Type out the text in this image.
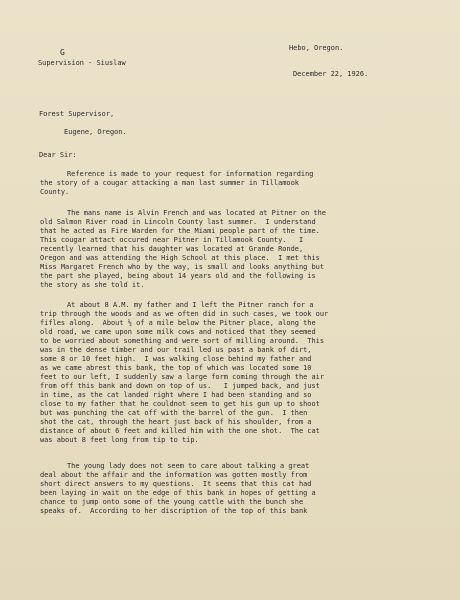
G
Supervision - Siuslaw
Hebo, Oregon.
December 22, 1926.
Forest Supervisor,
Eugene, Oregon.
Dear Sir:
Reference is made to your request for information regarding
the story of a cougar attacking a man last summer in Tillamook
County.
The mans name is Alvin French and was located at Pitner on the
old Salmon River road in Lincoln County last summer.  I understand
that he acted as Fire Warden for the Miami people part of the time.
This cougar attact occured near Pitner in Tillamook County.   I
recently learned that his daughter was located at Grande Ronde,
Oregon and was attending the High School at this place.  I met this
Miss Margaret French who by the way, is small and looks anything but
the part she played, being about 14 years old and the following is
the story as she told it.
At about 8 A.M. my father and I left the Pitner ranch for a
trip through the woods and as we often did in such cases, we took our
fifles along.  About ½ of a mile below the Pitner place, along the
old road, we came upon some milk cows and noticed that they seemed
to be worried about something and were sort of milling around.  This
was in the dense timber and our trail led us past a bank of dirt,
some 8 or 10 feet high.  I was walking close behind my father and
as we came abrest this bank, the top of which was located some 10
feet to our left, I suddenly saw a large form coming through the air
from off this bank and down on top of us.   I jumped back, and just
in time, as the cat landed right where I had been standing and so
close to my father that he couldnot seem to get his gun up to shoot
but was punching the cat off with the barrel of the gun.  I then
shot the cat, through the heart just back of his shoulder, from a
distance of about 6 feet and killed him with the one shot.  The cat
was about 8 feet long from tip to tip.
The young lady does not seem to care about talking a great
deal about the affair and the information was gotten mostly from
short direct answers to my questions.  It seems that this cat had
been laying in wait on the edge of this bank in hopes of getting a
chance to jump onto some of the young cattle with the bunch she
speaks of.  According to her discription of the top of this bank
